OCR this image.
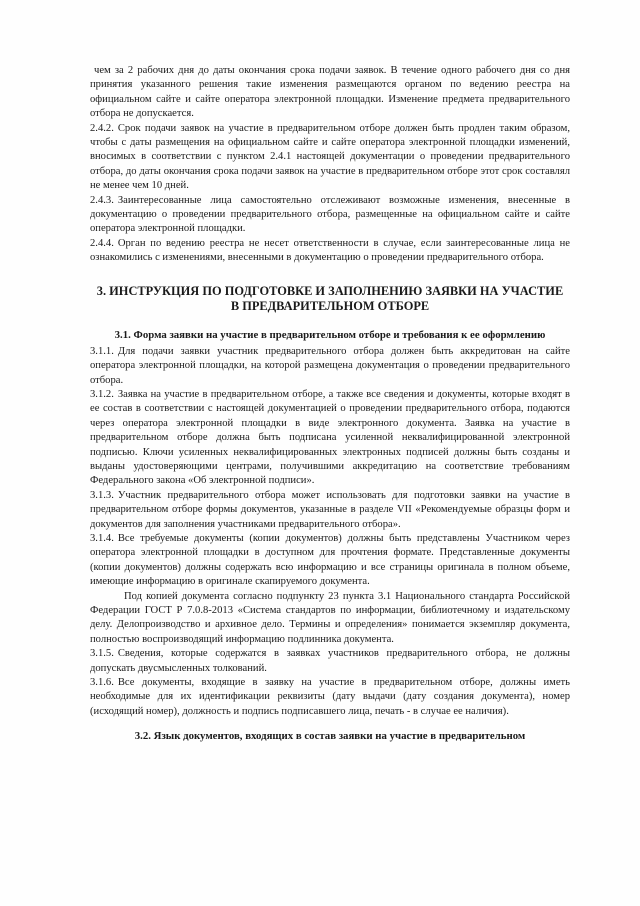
чем за 2 рабочих дня до даты окончания срока подачи заявок. В течение одного рабочего дня со дня принятия указанного решения такие изменения размещаются органом по ведению реестра на официальном сайте и сайте оператора электронной площадки. Изменение предмета предварительного отбора не допускается.

2.4.2. Срок подачи заявок на участие в предварительном отборе должен быть продлен таким образом, чтобы с даты размещения на официальном сайте и сайте оператора электронной площадки изменений, вносимых в соответствии с пунктом 2.4.1 настоящей документации о проведении предварительного отбора, до даты окончания срока подачи заявок на участие в предварительном отборе этот срок составлял не менее чем 10 дней.

2.4.3. Заинтересованные лица самостоятельно отслеживают возможные изменения, внесенные в документацию о проведении предварительного отбора, размещенные на официальном сайте и сайте оператора электронной площадки.

2.4.4. Орган по ведению реестра не несет ответственности в случае, если заинтересованные лица не ознакомились с изменениями, внесенными в документацию о проведении предварительного отбора.

3. ИНСТРУКЦИЯ ПО ПОДГОТОВКЕ И ЗАПОЛНЕНИЮ ЗАЯВКИ НА УЧАСТИЕ В ПРЕДВАРИТЕЛЬНОМ ОТБОРЕ
3.1. Форма заявки на участие в предварительном отборе и требования к ее оформлению

3.1.1. Для подачи заявки участник предварительного отбора должен быть аккредитован на сайте оператора электронной площадки, на которой размещена документация о проведении предварительного отбора.

3.1.2. Заявка на участие в предварительном отборе, а также все сведения и документы, которые входят в ее состав в соответствии с настоящей документацией о проведении предварительного отбора, подаются через оператора электронной площадки в виде электронного документа. Заявка на участие в предварительном отборе должна быть подписана усиленной неквалифицированной электронной подписью. Ключи усиленных неквалифицированных электронных подписей должны быть созданы и выданы удостоверяющими центрами, получившими аккредитацию на соответствие требованиям Федерального закона «Об электронной подписи».

3.1.3. Участник предварительного отбора может использовать для подготовки заявки на участие в предварительном отборе формы документов, указанные в разделе VII «Рекомендуемые образцы форм и документов для заполнения участниками предварительного отбора».

3.1.4. Все требуемые документы (копии документов) должны быть представлены Участником через оператора электронной площадки в доступном для прочтения формате. Представленные документы (копии документов) должны содержать всю информацию и все страницы оригинала в полном объеме, имеющие информацию в оригинале скапируемого документа.

Под копией документа согласно подпункту 23 пункта 3.1 Национального стандарта Российской Федерации ГОСТ Р 7.0.8-2013 «Система стандартов по информации, библиотечному и издательскому делу. Делопроизводство и архивное дело. Термины и определения» понимается экземпляр документа, полностью воспроизводящий информацию подлинника документа.

3.1.5. Сведения, которые содержатся в заявках участников предварительного отбора, не должны допускать двусмысленных толкований.

3.1.6. Все документы, входящие в заявку на участие в предварительном отборе, должны иметь необходимые для их идентификации реквизиты (дату выдачи (дату создания документа), номер (исходящий номер), должность и подпись подписавшего лица, печать - в случае ее наличия).

3.2. Язык документов, входящих в состав заявки на участие в предварительном
